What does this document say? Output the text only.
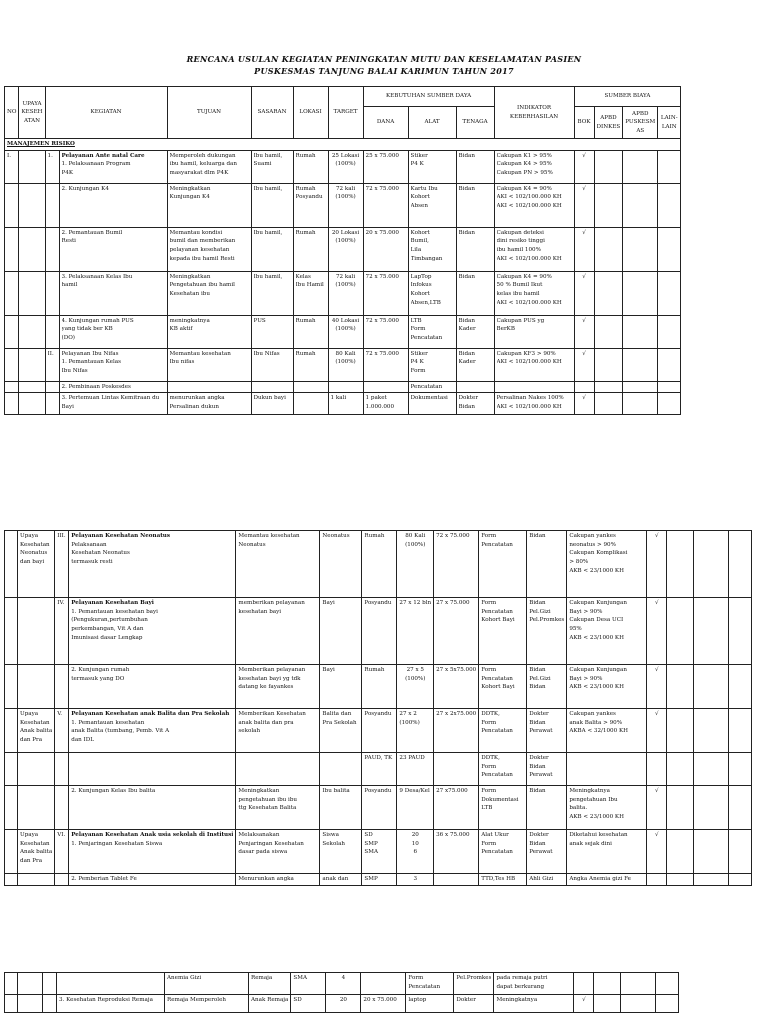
RENCANA USULAN KEGIATAN PENINGKATAN MUTU DAN KESELAMATAN PASIEN
PUSKESMAS TANJUNG BALAI KARIMUN TAHUN 2017
NO	UPAYA
KESEH
ATAN	KEGIATAN		TUJUAN	SASARAN	LOKASI	TARGET	KEBUTUHAN SUMBER DAYA			INDIKATOR
KEBERHASILAN	SUMBER BIAYA			
								DANA	ALAT	TENAGA		BOK	APBD
DINKES	APBD
PUSKESM
AS	LAIN-
LAIN

MANAJEMEN RISIKO															
I.		1.	Pelayanan Ante natal Care
1. Pelaksanaan Program
P4K	Memperoleh dukungan
ibu hamil, keluarga dan
masyarakat dlm P4K	Ibu hamil,
Suami	Rumah	25 Lokasi
(100%)	25 x 75.000	Stiker
P4 K	Bidan	Cakupan K1 > 95%
Cakupan K4 > 95%
Cakupan PN > 95%	√			

			2. Kunjungan K4	Meningkatkan
Kunjungan K4	Ibu hamil,	Rumah
Posyandu	72 kali
(100%)	72 x 75.000	Kartu Ibu
Kohort
Absen	Bidan	Cakupan K4 = 90%
AKI < 102/100.000 KH
AKI < 102/100.000 KH	√			

			2. Pemantauan Bumil
Resti	Memantau kondisi
bumil dan memberikan
pelayanan kesehatan
kepada ibu hamil Resti	Ibu hamil,	Rumah	20 Lokasi
(100%)	20 x 75.000	Kohort
Bumil,
Lila
Timbangan	Bidan	Cakupan deteksi
dini resiko tinggi
ibu hamil 100%
AKI < 102/100.000 KH	√			

			3. Pelaksanaan Kelas Ibu
hamil	Meningkatkan
Pengetahuan ibu hamil
Kesehatan ibu	Ibu hamil,	Kelas
Ibu Hamil	72 kali
(100%)	72 x 75.000	LapTop
Infokus
Kohort
Absen,LTB	Bidan	Cakupan K4 = 90%
50 % Bumil Ikut
kelas ibu hamil
AKI < 102/100.000 KH	√			

			4. Kunjungan rumah PUS
yang tidak ber KB
(DO)	meningkatnya
KB aktif	PUS	Rumah	40 Lokasi
(100%)	72 x 75.000	LTB
Form
Pencatatan	Bidan
Kader	Cakupan PUS yg
BerKB	√			

		II.	Pelayanan Ibu Nifas
1. Pemantauan Kelas
Ibu Nifas	Memantau kesehatan
Ibu nifas	Ibu Nifas	Rumah	80 Kali
(100%)	72 x 75.000	Stiker
P4 K
Form	Bidan
Kader	Cakupan KF3 > 90%
AKI < 102/100.000 KH	√			

			2. Pembinaan Poskesdes						Pencatatan						

			3. Pertemuan Lintas Kemitraan du
Bayi	menurunkan angka
Persalinan dukun	Dukun bayi		1 kali	1 paket
1.000.000	Dokumentasi	Dokter
Bidan	Persalinan Nakes 100%
AKI < 102/100.000 KH	√			

	Upaya
Kesehatan
Neonatus
dan bayi	III.	Pelayanan Kesehatan Neonatus
Pelaksanaan
Kesehatan Neonatus
termasuk resti	Memantau kesehatan
Neonatus	Neonatus	Rumah	80 Kali
(100%)	72 x 75.000	Form
Pencatatan	Bidan	Cakupan yankes
neonatus > 90%
Cakupan Komplikasi
> 80%
AKB < 23/1000 KH	√			

		IV.	Pelayanan Kesehatan Bayi
1. Pemantauan kesehatan bayi
(Pengukuran,pertumbuhan
perkembangan, Vit A dan
Imunisasi dasar Lengkap	memberikan pelayanan
kesehatan bayi	Bayi	Posyandu	27 x 12 bln	27 x 75.000	Form
Pencatatan
Kohort Bayi	Bidan
Pel.Gizi
Pel.Promkes	Cakupan Kunjungan
Bayi > 90%
Cakupan Desa UCI
95%
AKB < 23/1000 KH	√			

			2. Kunjungan rumah
termasuk yang DO	Memberikan pelayanan
kesehatan bayi yg tdk
datang ke fayankes	Bayi	Rumah	27 x 5
(100%)	27 x 5x75.000	Form
Pencatatan
Kohort Bayi	Bidan
Pel.Gizi
Bidan	Cakupan Kunjungan
Bayi > 90%
AKB < 23/1000 KH	√			

	Upaya
Kesehatan
Anak balita
dan Pra	V.	Pelayanan Kesehatan anak Balita dan Pra Sekolah
1. Pemantauan kesehatan
anak Balita (tumbang, Pemb. Vit A
dan IDL	Memberikan Kesehatan
anak balita dan pra
sekolah	Balita dan
Pra Sekolah	Posyandu	27 x 2
(100%)	27 x 2x75.000	DDTK,
Form
Pencatatan	Dokter
Bidan
Perawat	Cakupan yankes
anak Balita > 90%
AKBA < 32/1000 KH	√			

						PAUD, TK	23 PAUD		DDTK,
Form
Pencatatan	Dokter
Bidan
Perawat					

			2. Kunjungan Kelas Ibu balita	Meningkatkan
pengetahuan ibu ibu
ttg Kesehatan Balita	Ibu balita	Posyandu	9 Desa/Kel	27 x75.000	Form
Dokumentasi
LTB	Bidan	Meningkatnya
pengetahuan Ibu
balita.
AKB < 23/1000 KH	√			

	Upaya
Kesehatan
Anak balita
dan Pra	VI.	Pelayanan Kesehatan Anak usia sekolah di Institusi
1. Penjaringan Kesehatan Siswa	Melaksanakan
Penjaringan Kesehatan
dasar pada siswa	Siswa
Sekolah	SD
SMP
SMA	20
10
6	36 x 75.000	Alat Ukur
Form
Pencatatan	Dokter
Bidan
Perawat	Diketahui kesehatan
anak sejak dini	√			

			2. Pemberian Tablet Fe	Menurunkan angka	anak dan	SMP	3		TTD,Tes HB	Ahli Gizi	Angka Anemia gizi Fe				

				Anemia Gizi	Remaja	SMA	4		Form
Pencatatan	Pel.Promkes	pada remaja putri
dapat berkurang				

			3. Kesehatan Reproduksi Remaja	Remaja Memperoleh	Anak Remaja	SD	20	20 x 75.000	laptop	Dokter	Meningkatnya	√			
